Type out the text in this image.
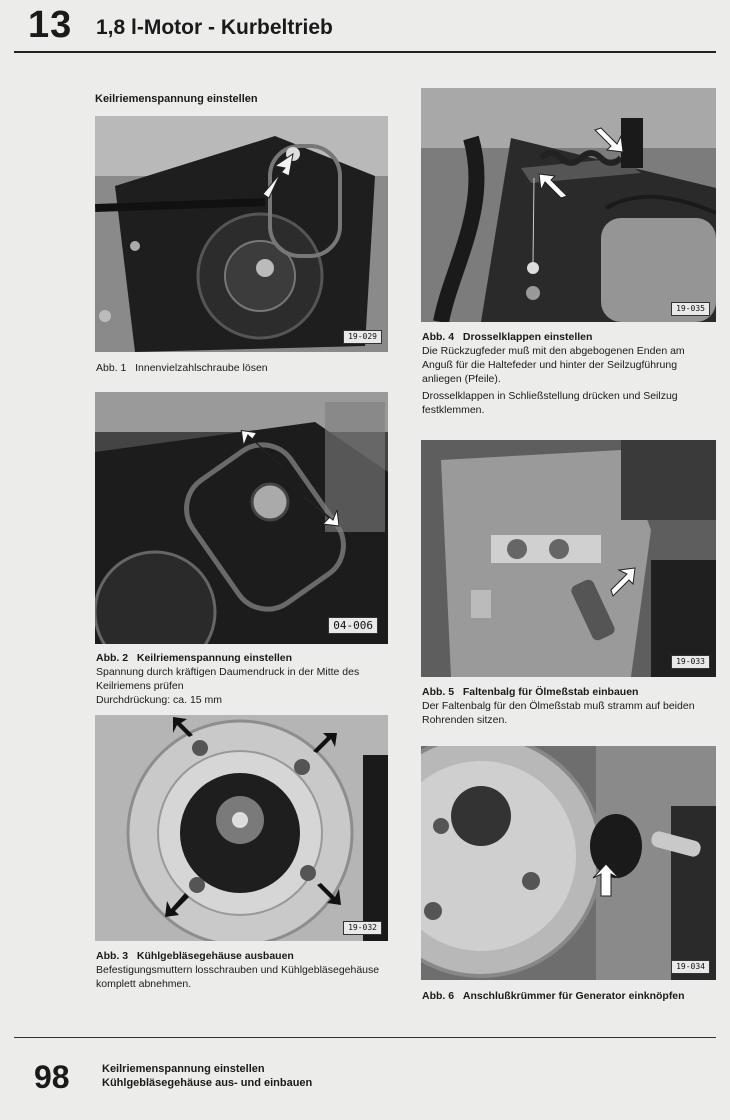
13 1,8 l-Motor - Kurbeltrieb
Keilriemenspannung einstellen
19-029
Abb. 1 Innenvielzahlschraube lösen
04-006
Abb. 2 Keilriemenspannung einstellen
Spannung durch kräftigen Daumendruck in der Mitte des Keilriemens prüfen
Durchdrückung: ca. 15 mm
19-032
Abb. 3 Kühlgebläsegehäuse ausbauen
Befestigungsmuttern losschrauben und Kühlgebläsegehäuse komplett abnehmen.
19-035
Abb. 4 Drosselklappen einstellen
Die Rückzugfeder muß mit den abgebogenen Enden am Anguß für die Haltefeder und hinter der Seilzugführung anliegen (Pfeile).
Drosselklappen in Schließstellung drücken und Seilzug festklemmen.
19-033
Abb. 5 Faltenbalg für Ölmeßstab einbauen
Der Faltenbalg für den Ölmeßstab muß stramm auf beiden Rohrenden sitzen.
19-034
Abb. 6 Anschlußkrümmer für Generator einknöpfen
98	Keilriemenspannung einstellen
Kühlgebläsegehäuse aus- und einbauen
